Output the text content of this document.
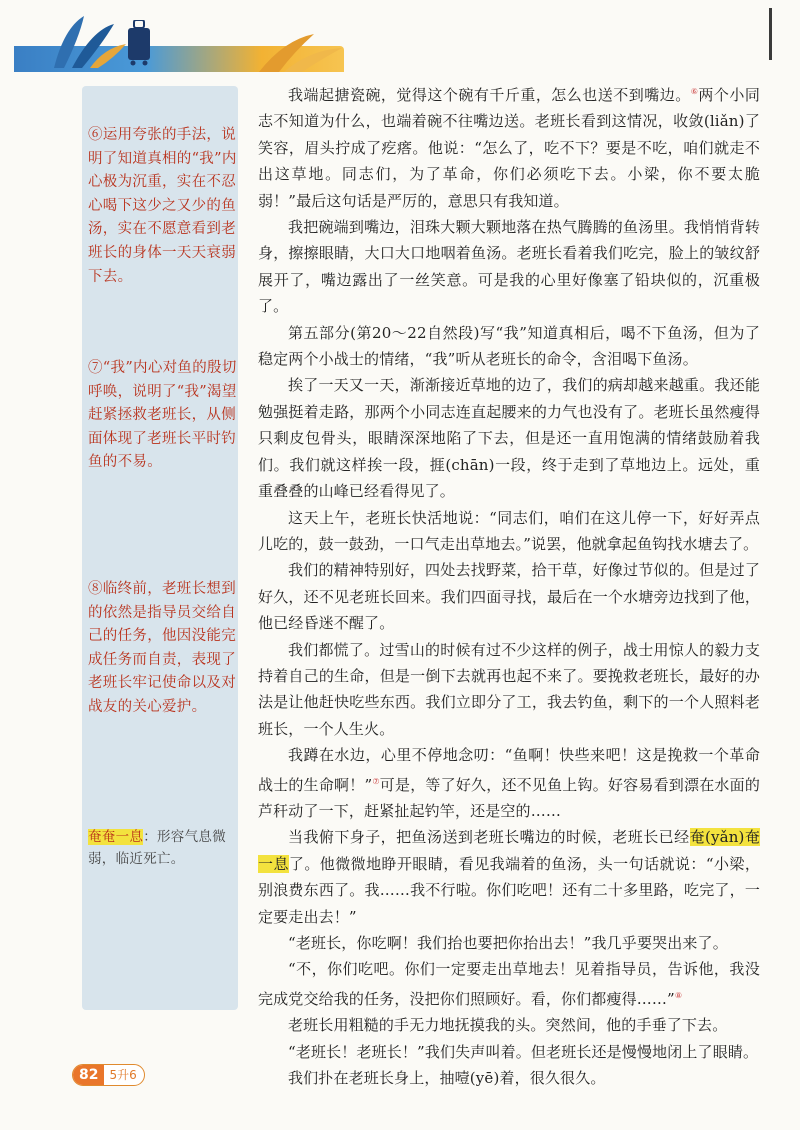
⑥运用夸张的手法，说明了知道真相的“我”内心极为沉重，实在不忍心喝下这少之又少的鱼汤，实在不愿意看到老班长的身体一天天衰弱下去。
⑦“我”内心对鱼的殷切呼唤，说明了“我”渴望赶紧拯救老班长，从侧面体现了老班长平时钓鱼的不易。
⑧临终前，老班长想到的依然是指导员交给自己的任务，他因没能完成任务而自责，表现了老班长牢记使命以及对战友的关心爱护。
奄奄一息：形容气息微弱，临近死亡。

我端起搪瓷碗，觉得这个碗有千斤重，怎么也送不到嘴边。⑥两个小同志不知道为什么，也端着碗不往嘴边送。老班长看到这情况，收敛(liǎn)了笑容，眉头拧成了疙瘩。他说：“怎么了，吃不下？要是不吃，咱们就走不出这草地。同志们，为了革命，你们必须吃下去。小梁，你不要太脆弱！”最后这句话是严厉的，意思只有我知道。

我把碗端到嘴边，泪珠大颗大颗地落在热气腾腾的鱼汤里。我悄悄背转身，擦擦眼睛，大口大口地咽着鱼汤。老班长看着我们吃完，脸上的皱纹舒展开了，嘴边露出了一丝笑意。可是我的心里好像塞了铅块似的，沉重极了。

第五部分(第20～22自然段)写“我”知道真相后，喝不下鱼汤，但为了稳定两个小战士的情绪，“我”听从老班长的命令，含泪喝下鱼汤。

挨了一天又一天，渐渐接近草地的边了，我们的病却越来越重。我还能勉强挺着走路，那两个小同志连直起腰来的力气也没有了。老班长虽然瘦得只剩皮包骨头，眼睛深深地陷了下去，但是还一直用饱满的情绪鼓励着我们。我们就这样挨一段，捱(chān)一段，终于走到了草地边上。远处，重重叠叠的山峰已经看得见了。

这天上午，老班长快活地说：“同志们，咱们在这儿停一下，好好弄点儿吃的，鼓一鼓劲，一口气走出草地去。”说罢，他就拿起鱼钩找水塘去了。

我们的精神特别好，四处去找野菜，拾干草，好像过节似的。但是过了好久，还不见老班长回来。我们四面寻找，最后在一个水塘旁边找到了他，他已经昏迷不醒了。

我们都慌了。过雪山的时候有过不少这样的例子，战士用惊人的毅力支持着自己的生命，但是一倒下去就再也起不来了。要挽救老班长，最好的办法是让他赶快吃些东西。我们立即分了工，我去钓鱼，剩下的一个人照料老班长，一个人生火。

我蹲在水边，心里不停地念叨：“鱼啊！快些来吧！这是挽救一个革命战士的生命啊！”⑦可是，等了好久，还不见鱼上钩。好容易看到漂在水面的芦秆动了一下，赶紧扯起钓竿，还是空的……

当我俯下身子，把鱼汤送到老班长嘴边的时候，老班长已经奄(yǎn)奄一息了。他微微地睁开眼睛，看见我端着的鱼汤，头一句话就说：“小梁，别浪费东西了。我……我不行啦。你们吃吧！还有二十多里路，吃完了，一定要走出去！”

“老班长，你吃啊！我们抬也要把你抬出去！”我几乎要哭出来了。

“不，你们吃吧。你们一定要走出草地去！见着指导员，告诉他，我没完成党交给我的任务，没把你们照顾好。看，你们都瘦得……”⑧

老班长用粗糙的手无力地抚摸我的头。突然间，他的手垂了下去。

“老班长！老班长！”我们失声叫着。但老班长还是慢慢地闭上了眼睛。

我们扑在老班长身上，抽噎(yē)着，很久很久。

82 5升6
